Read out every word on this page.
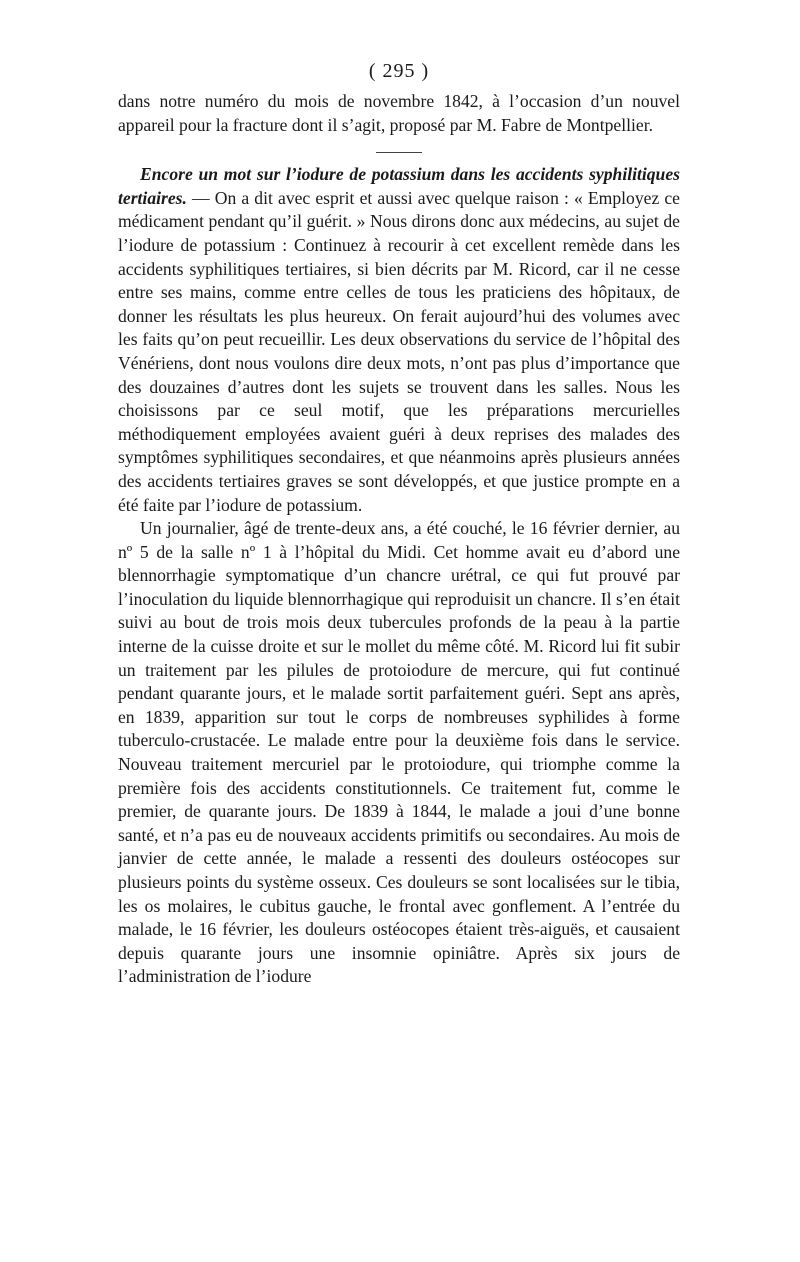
( 295 )

dans notre numéro du mois de novembre 1842, à l’occasion d’un nouvel appareil pour la fracture dont il s’agit, proposé par M. Fabre de Montpellier.

Encore un mot sur l’iodure de potassium dans les accidents syphilitiques tertiaires. — On a dit avec esprit et aussi avec quelque raison : « Employez ce médicament pendant qu’il guérit. » Nous dirons donc aux médecins, au sujet de l’iodure de potassium : Continuez à recourir à cet excellent remède dans les accidents syphilitiques tertiaires, si bien décrits par M. Ricord, car il ne cesse entre ses mains, comme entre celles de tous les praticiens des hôpitaux, de donner les résultats les plus heureux. On ferait aujourd’hui des volumes avec les faits qu’on peut recueillir. Les deux observations du service de l’hôpital des Vénériens, dont nous voulons dire deux mots, n’ont pas plus d’importance que des douzaines d’autres dont les sujets se trouvent dans les salles. Nous les choisissons par ce seul motif, que les préparations mercurielles méthodiquement employées avaient guéri à deux reprises des malades des symptômes syphilitiques secondaires, et que néanmoins après plusieurs années des accidents tertiaires graves se sont développés, et que justice prompte en a été faite par l’iodure de potassium.

Un journalier, âgé de trente-deux ans, a été couché, le 16 février dernier, au nº 5 de la salle nº 1 à l’hôpital du Midi. Cet homme avait eu d’abord une blennorrhagie symptomatique d’un chancre urétral, ce qui fut prouvé par l’inoculation du liquide blennorrhagique qui reproduisit un chancre. Il s’en était suivi au bout de trois mois deux tubercules profonds de la peau à la partie interne de la cuisse droite et sur le mollet du même côté. M. Ricord lui fit subir un traitement par les pilules de protoiodure de mercure, qui fut continué pendant quarante jours, et le malade sortit parfaitement guéri. Sept ans après, en 1839, apparition sur tout le corps de nombreuses syphilides à forme tuberculo-crustacée. Le malade entre pour la deuxième fois dans le service. Nouveau traitement mercuriel par le protoiodure, qui triomphe comme la première fois des accidents constitutionnels. Ce traitement fut, comme le premier, de quarante jours. De 1839 à 1844, le malade a joui d’une bonne santé, et n’a pas eu de nouveaux accidents primitifs ou secondaires. Au mois de janvier de cette année, le malade a ressenti des douleurs ostéocopes sur plusieurs points du système osseux. Ces douleurs se sont localisées sur le tibia, les os molaires, le cubitus gauche, le frontal avec gonflement. A l’entrée du malade, le 16 février, les douleurs ostéocopes étaient très-aiguës, et causaient depuis quarante jours une insomnie opiniâtre. Après six jours de l’administration de l’iodure
